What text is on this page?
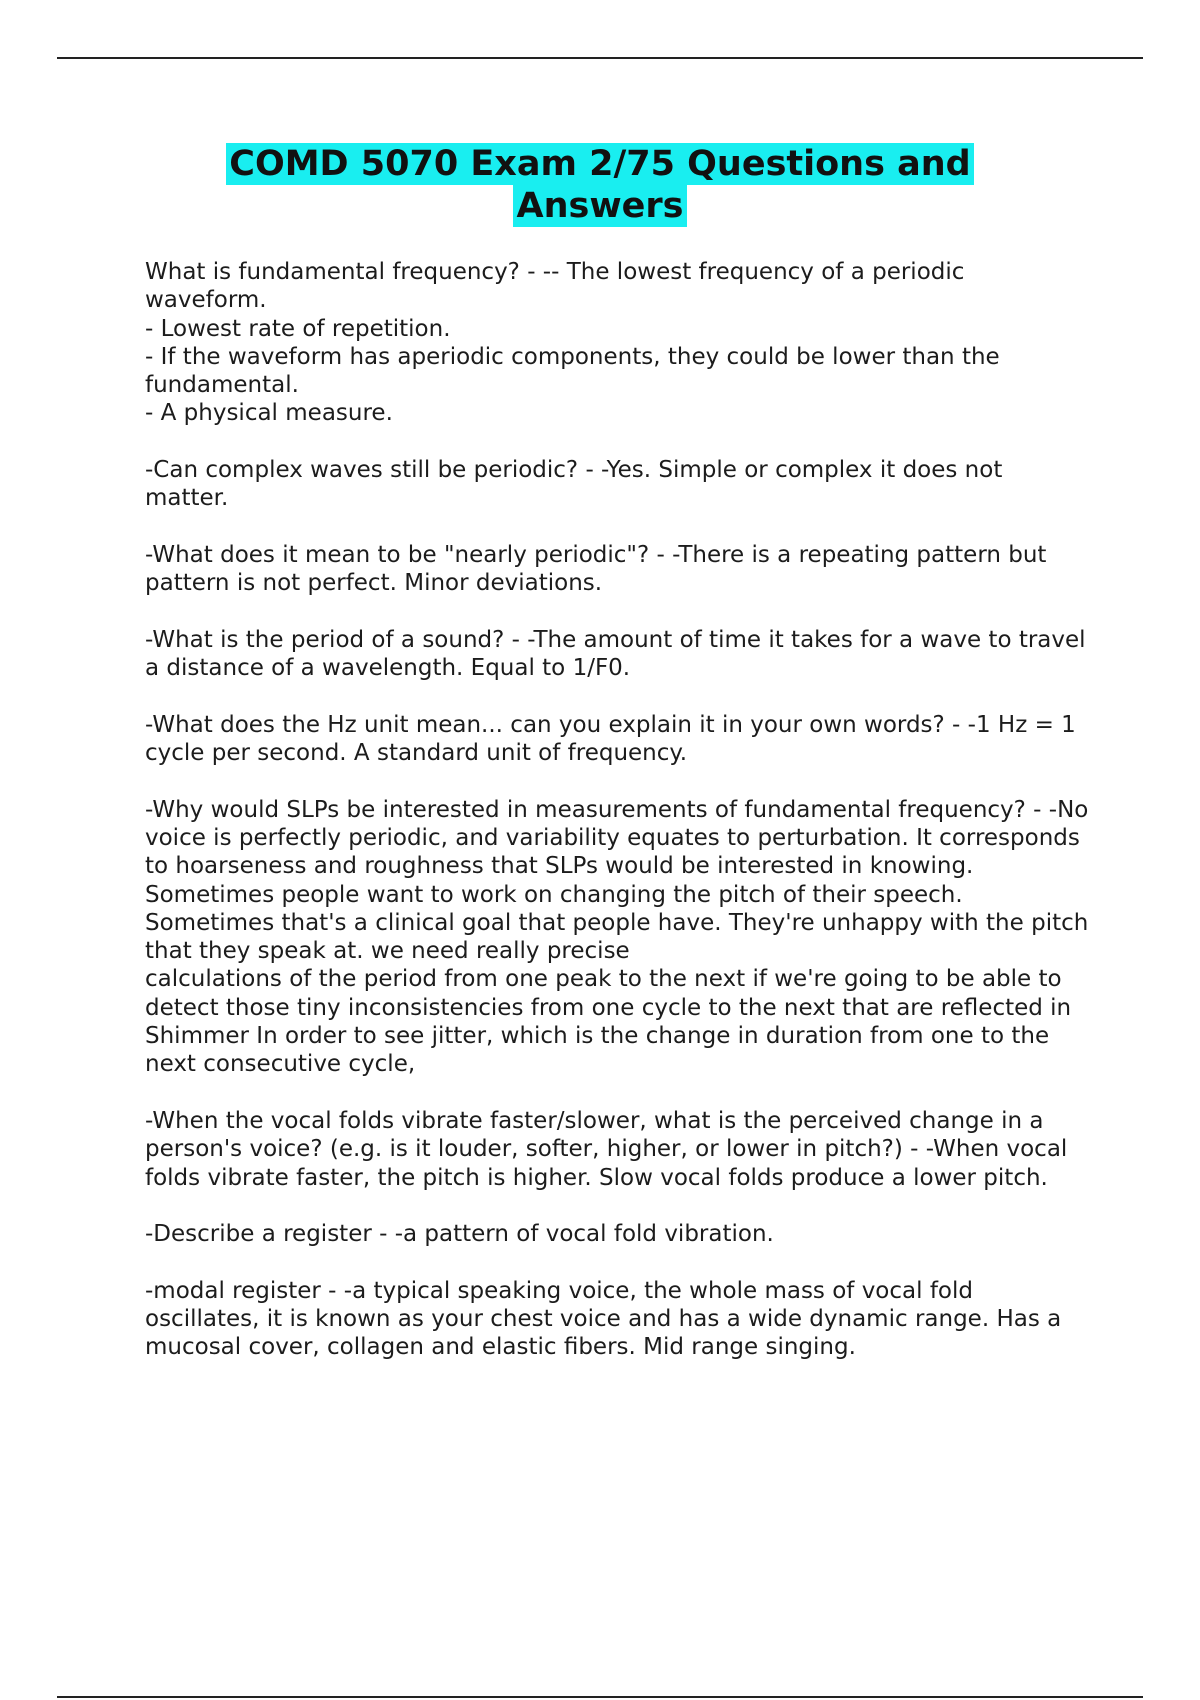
COMD 5070 Exam 2/75 Questions and
Answers

What is fundamental frequency? - -- The lowest frequency of a periodic waveform.
- Lowest rate of repetition.
- If the waveform has aperiodic components, they could be lower than the fundamental.
- A physical measure.

-Can complex waves still be periodic? - -Yes. Simple or complex it does not matter.

-What does it mean to be "nearly periodic"? - -There is a repeating pattern but pattern is not perfect. Minor deviations.

-What is the period of a sound? - -The amount of time it takes for a wave to travel a distance of a wavelength. Equal to 1/F0.

-What does the Hz unit mean... can you explain it in your own words? - -1 Hz = 1 cycle per second. A standard unit of frequency.

-Why would SLPs be interested in measurements of fundamental frequency? - -No voice is perfectly periodic, and variability equates to perturbation. It corresponds to hoarseness and roughness that SLPs would be interested in knowing. Sometimes people want to work on changing the pitch of their speech. Sometimes that's a clinical goal that people have. They're unhappy with the pitch that they speak at. we need really precise
calculations of the period from one peak to the next if we're going to be able to detect those tiny inconsistencies from one cycle to the next that are reflected in Shimmer In order to see jitter, which is the change in duration from one to the next consecutive cycle,

-When the vocal folds vibrate faster/slower, what is the perceived change in a person's voice? (e.g. is it louder, softer, higher, or lower in pitch?) - -When vocal folds vibrate faster, the pitch is higher. Slow vocal folds produce a lower pitch.

-Describe a register - -a pattern of vocal fold vibration.

-modal register - -a typical speaking voice, the whole mass of vocal fold oscillates, it is known as your chest voice and has a wide dynamic range. Has a mucosal cover, collagen and elastic fibers. Mid range singing.
